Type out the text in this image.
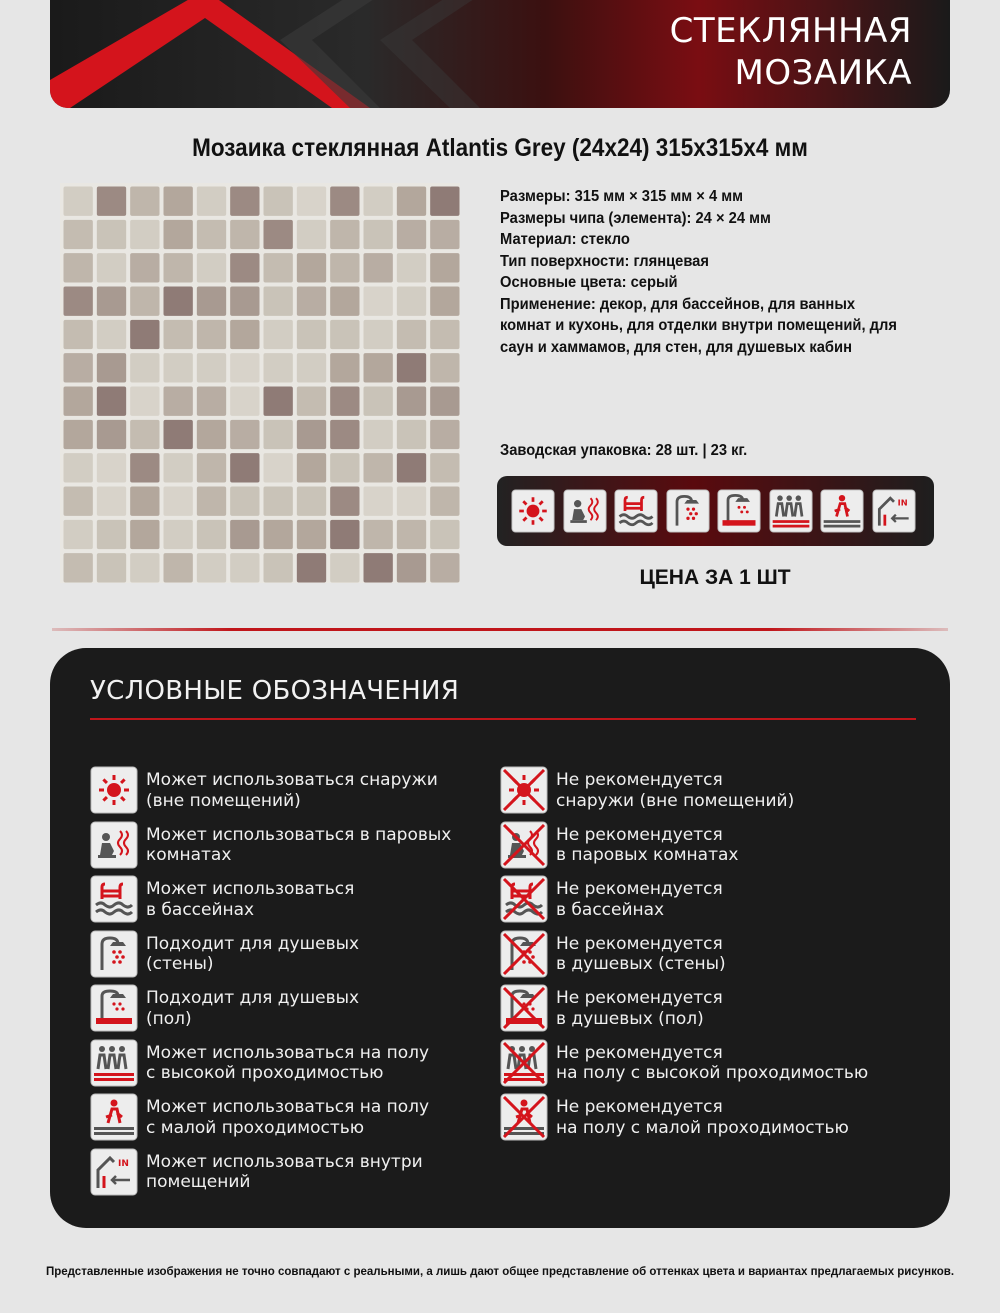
СТЕКЛЯННАЯ
МОЗАИКА
Мозаика стеклянная Atlantis Grey (24x24) 315x315x4 мм
Размеры: 315 мм × 315 мм × 4 мм
Размеры чипа (элемента): 24 × 24 мм
Материал: стекло
Тип поверхности: глянцевая
Основные цвета: серый
Применение: декор, для бассейнов, для ванных
комнат и кухонь, для отделки внутри помещений, для
саун и хаммамов, для стен, для душевых кабин
Заводская упаковка: 28 шт. | 23 кг.
IN
ЦЕНА ЗА 1 ШТ
УСЛОВНЫЕ ОБОЗНАЧЕНИЯ
Может использоваться снаружи
(вне помещений)
Может использоваться в паровых
комнатах
Может использоваться
в бассейнах
Подходит для душевых
(стены)
Подходит для душевых
(пол)
Может использоваться на полу
с высокой проходимостью
Может использоваться на полу
с малой проходимостью
IN Может использоваться внутри
помещений
Не рекомендуется
снаружи (вне помещений)
Не рекомендуется
в паровых комнатах
Не рекомендуется
в бассейнах
Не рекомендуется
в душевых (стены)
Не рекомендуется
в душевых (пол)
Не рекомендуется
на полу с высокой проходимостью
Не рекомендуется
на полу с малой проходимостью
Представленные изображения не точно совпадают с реальными, а лишь дают общее представление об оттенках цвета и вариантах предлагаемых рисунков.
